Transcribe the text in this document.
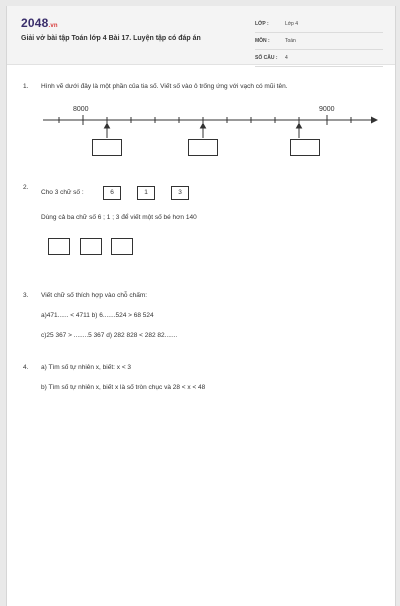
2048.vn
Giải vở bài tập Toán lớp 4 Bài 17. Luyện tập có đáp án
LỚP :	Lớp 4
MÔN :	Toán
SỐ CÂU : 4
1. Hình vẽ dưới đây là một phần của tia số. Viết số vào ô trống ứng với vạch có mũi tên.
8000	9000
2.
Cho 3 chữ số :	6	1	3
Dùng cả ba chữ số 6 ; 1 ; 3 để viết một số bé hơn 140
3. Viết chữ số thích hợp vào chỗ chấm:
a)471...... < 4711 b) 6.......524 > 68 524
c)25 367 > ........5 367 d) 282 828 < 282 82.......
4. a) Tìm số tự nhiên x, biết: x < 3
b) Tìm số tự nhiên x, biết x là số tròn chục và 28 < x < 48
